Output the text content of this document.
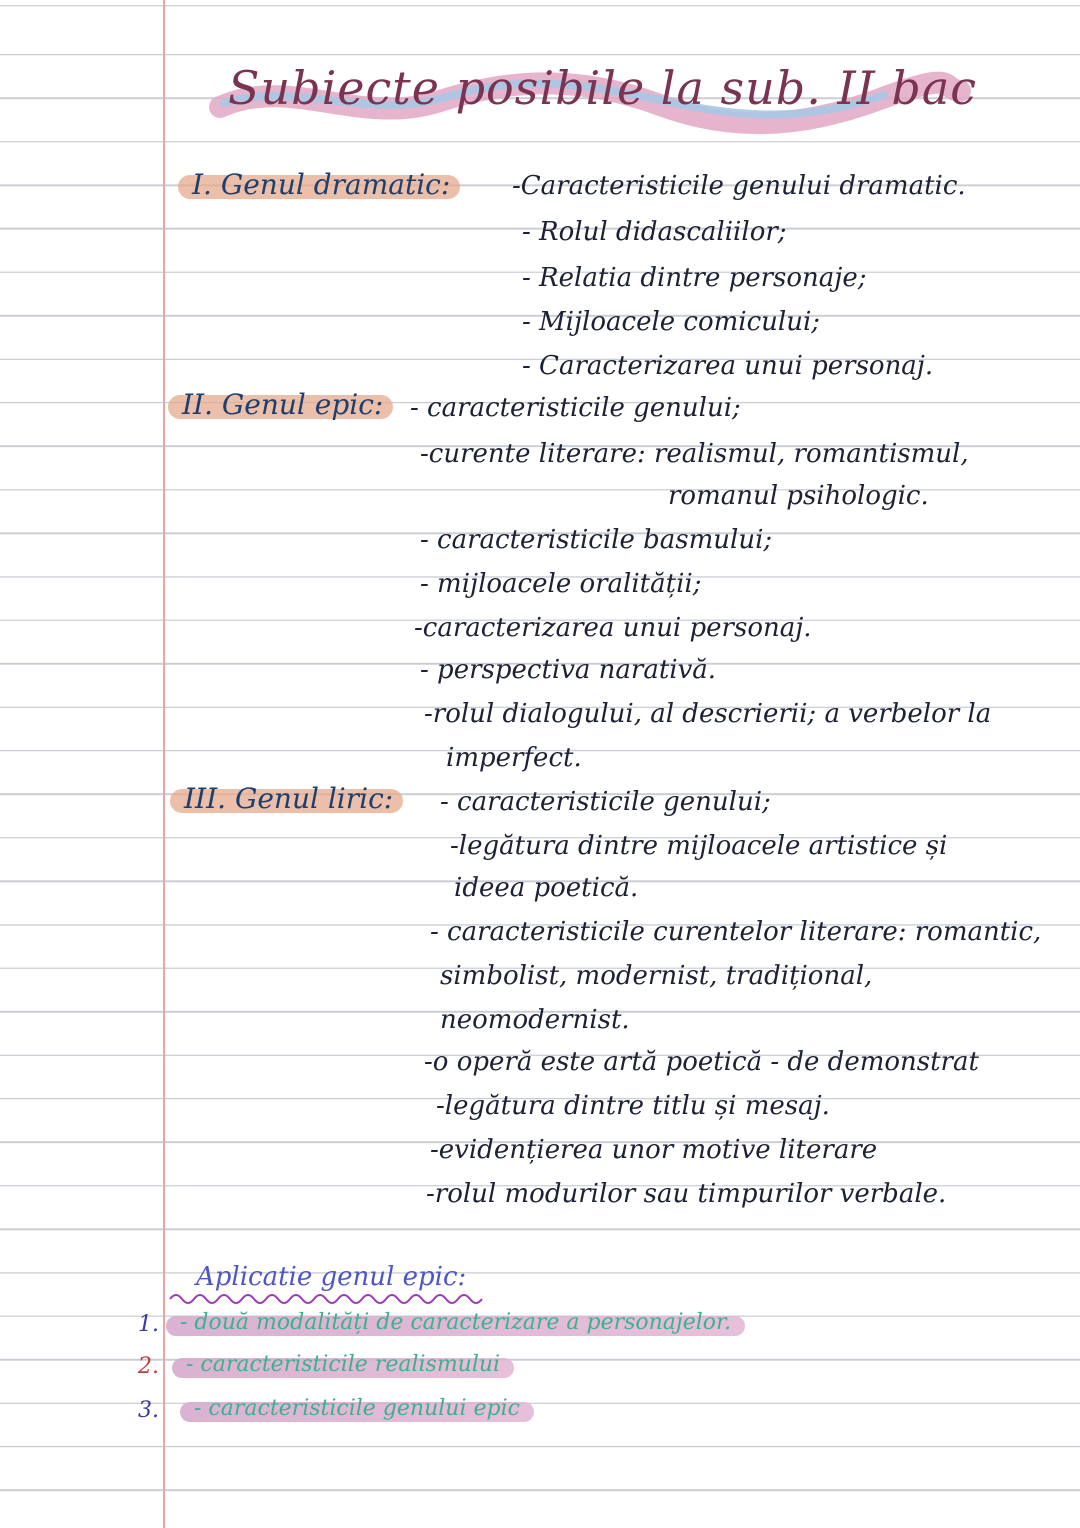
Subiecte posibile la sub. II bac
I. Genul dramatic:	-Caracteristicile genului dramatic.
- Rolul didascaliilor;
- Relatia dintre personaje;
- Mijloacele comicului;
- Caracterizarea unui personaj.
II. Genul epic:	- caracteristicile genului;
-curente literare: realismul, romantismul,
romanul psihologic.
- caracteristicile basmului;
- mijloacele oralității;
-caracterizarea unui personaj.
- perspectiva narativă.
-rolul dialogului, al descrierii; a verbelor la
imperfect.
III. Genul liric:	- caracteristicile genului;
-legătura dintre mijloacele artistice și
ideea poetică.
- caracteristicile curentelor literare: romantic,
simbolist, modernist, tradițional,
neomodernist.
-o operă este artă poetică - de demonstrat
-legătura dintre titlu și mesaj.
-evidențierea unor motive literare
-rolul modurilor sau timpurilor verbale.
Aplicatie genul epic:
1. - două modalități de caracterizare a personajelor.
2.	- caracteristicile realismului
3.	- caracteristicile genului epic
